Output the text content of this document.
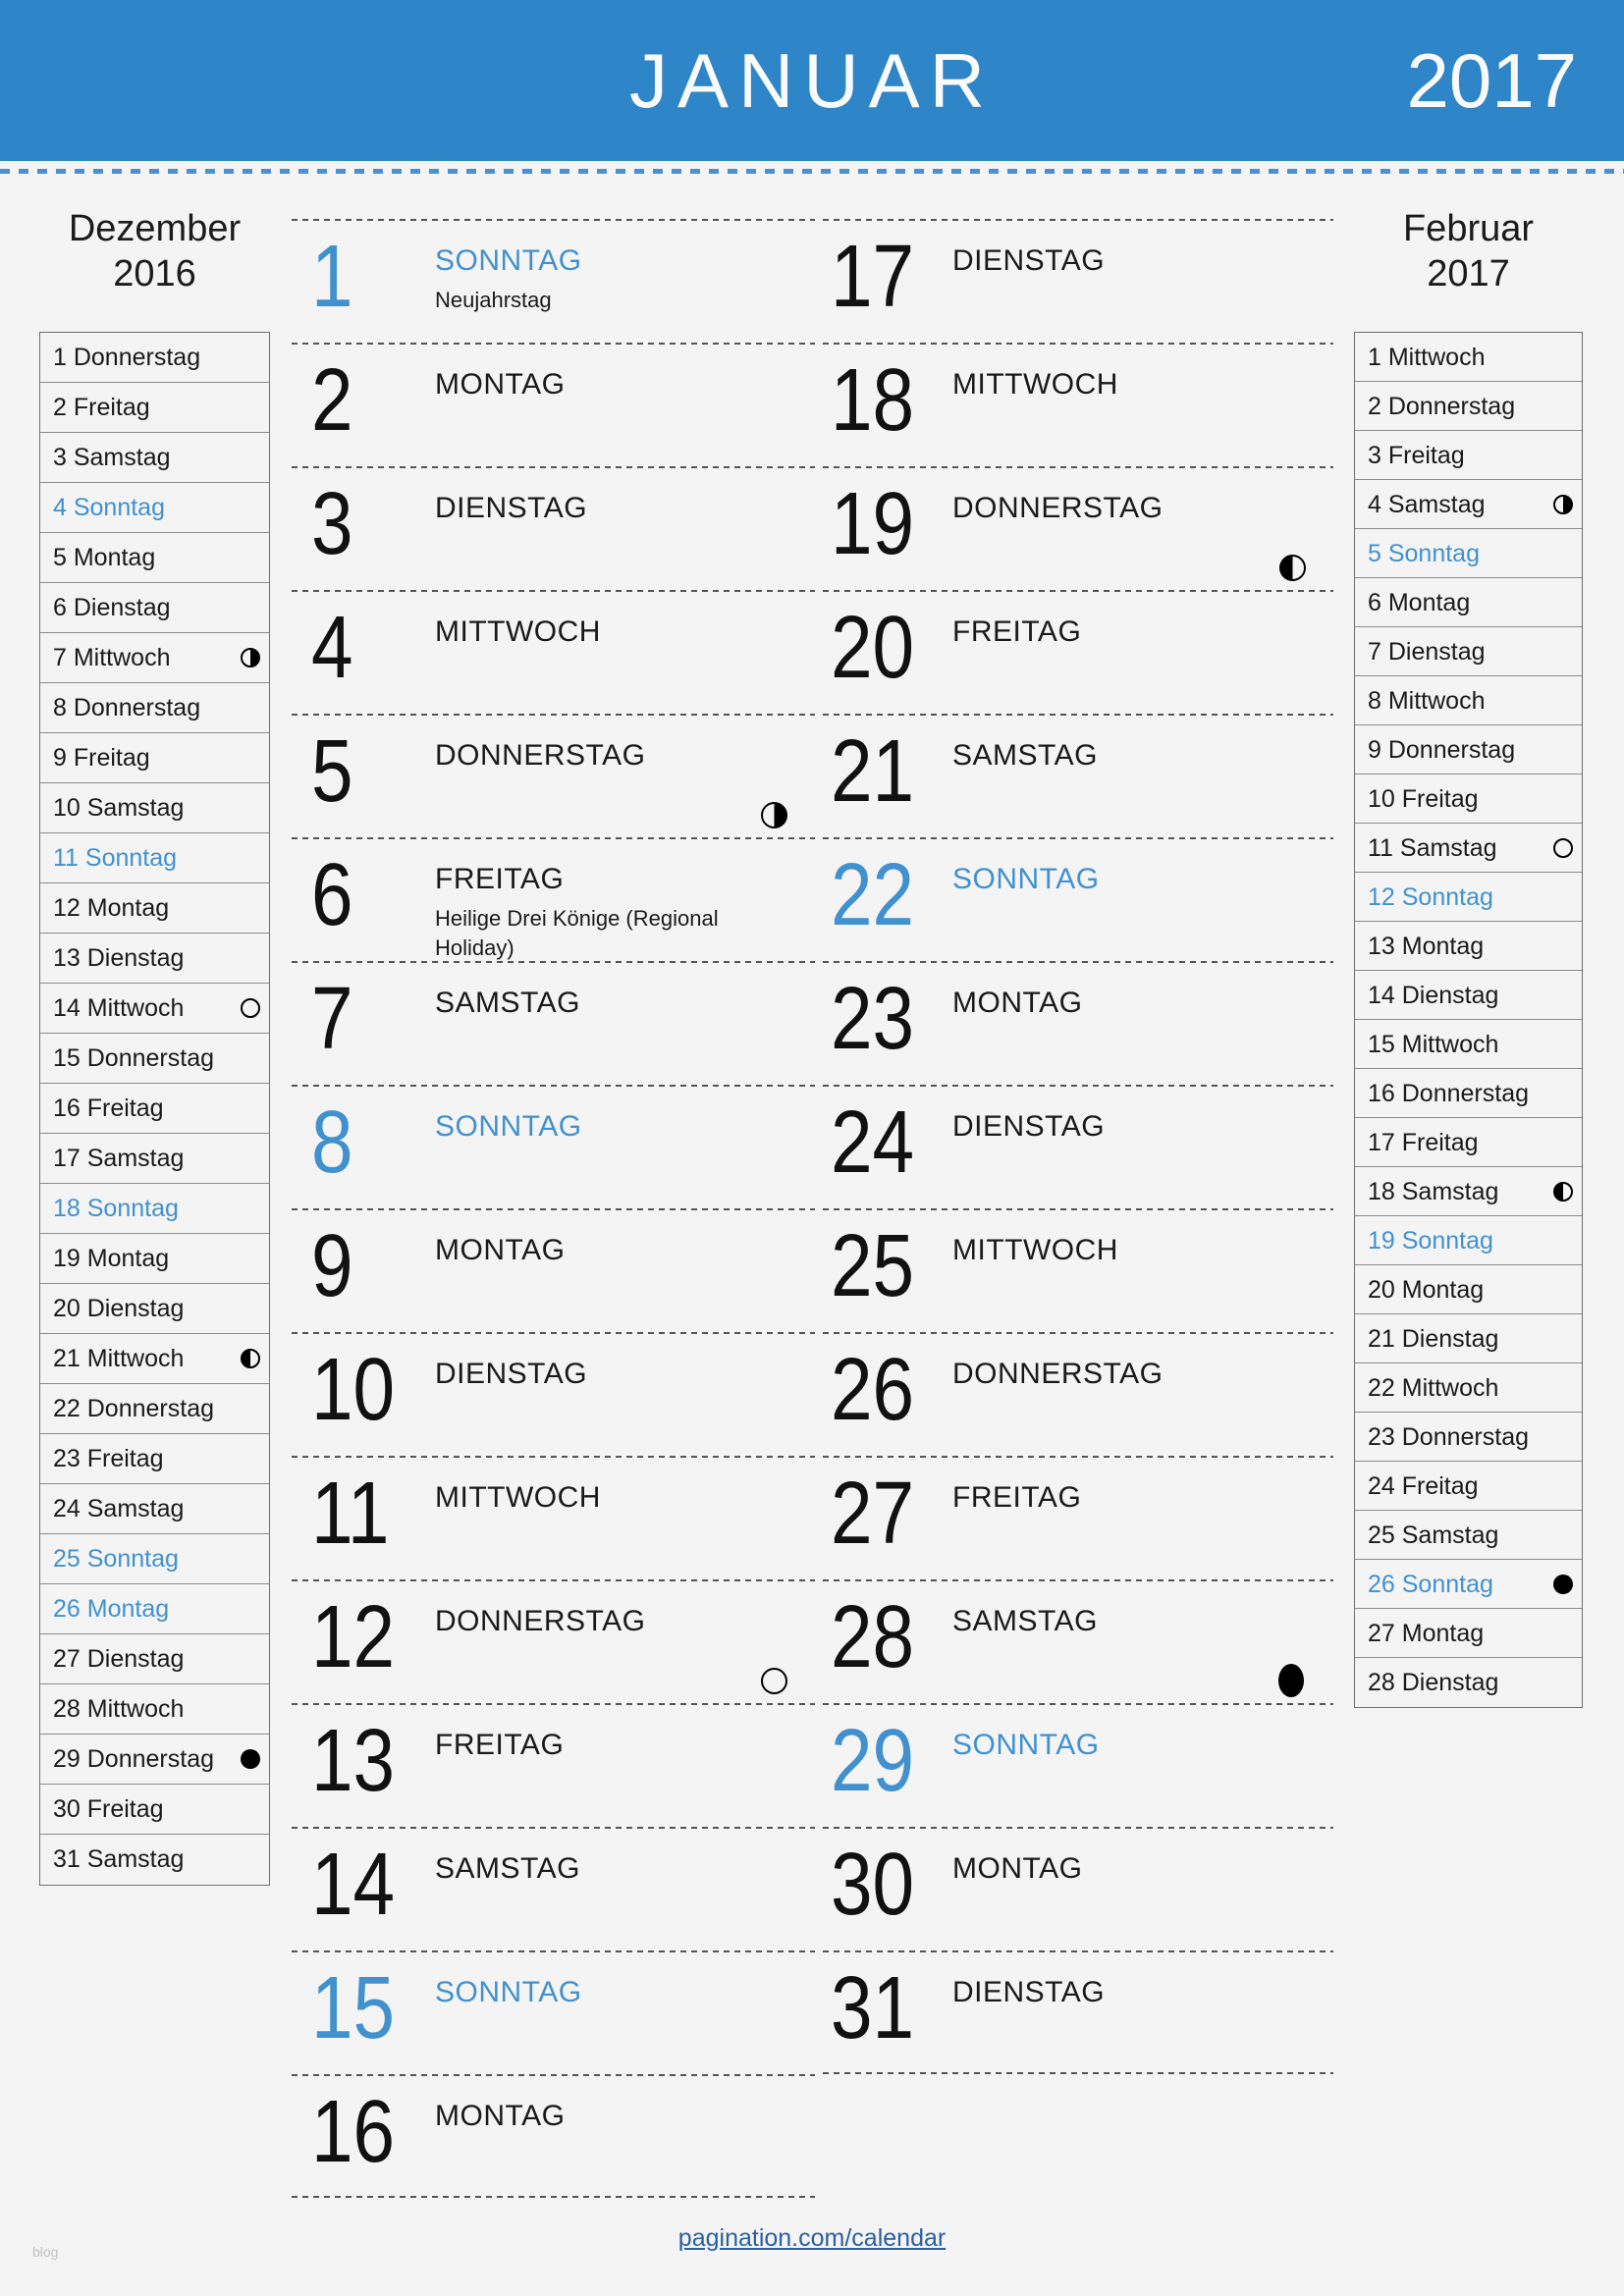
JANUAR	2017
Dezember
2016
1 Donnerstag
2 Freitag
3 Samstag
4 Sonntag
5 Montag
6 Dienstag
7 Mittwoch
8 Donnerstag
9 Freitag
10 Samstag
11 Sonntag
12 Montag
13 Dienstag
14 Mittwoch
15 Donnerstag
16 Freitag
17 Samstag
18 Sonntag
19 Montag
20 Dienstag
21 Mittwoch
22 Donnerstag
23 Freitag
24 Samstag
25 Sonntag
26 Montag
27 Dienstag
28 Mittwoch
29 Donnerstag
30 Freitag
31 Samstag
Februar
2017
1 Mittwoch
2 Donnerstag
3 Freitag
4 Samstag
5 Sonntag
6 Montag
7 Dienstag
8 Mittwoch
9 Donnerstag
10 Freitag
11 Samstag
12 Sonntag
13 Montag
14 Dienstag
15 Mittwoch
16 Donnerstag
17 Freitag
18 Samstag
19 Sonntag
20 Montag
21 Dienstag
22 Mittwoch
23 Donnerstag
24 Freitag
25 Samstag
26 Sonntag
27 Montag
28 Dienstag
1	SONNTAG
Neujahrstag
2	MONTAG
3	DIENSTAG
4	MITTWOCH
5	DONNERSTAG
6	FREITAG
Heilige Drei Könige (Regional Holiday)
7	SAMSTAG
8	SONNTAG
9	MONTAG
10 DIENSTAG
11 MITTWOCH
12 DONNERSTAG
13 FREITAG
14 SAMSTAG
15 SONNTAG
16 MONTAG
17 DIENSTAG
18 MITTWOCH
19 DONNERSTAG
20 FREITAG
21 SAMSTAG
22 SONNTAG
23 MONTAG
24 DIENSTAG
25 MITTWOCH
26 DONNERSTAG
27 FREITAG
28 SAMSTAG
29 SONNTAG
30 MONTAG
31 DIENSTAG
pagination.com/calendar
blog
